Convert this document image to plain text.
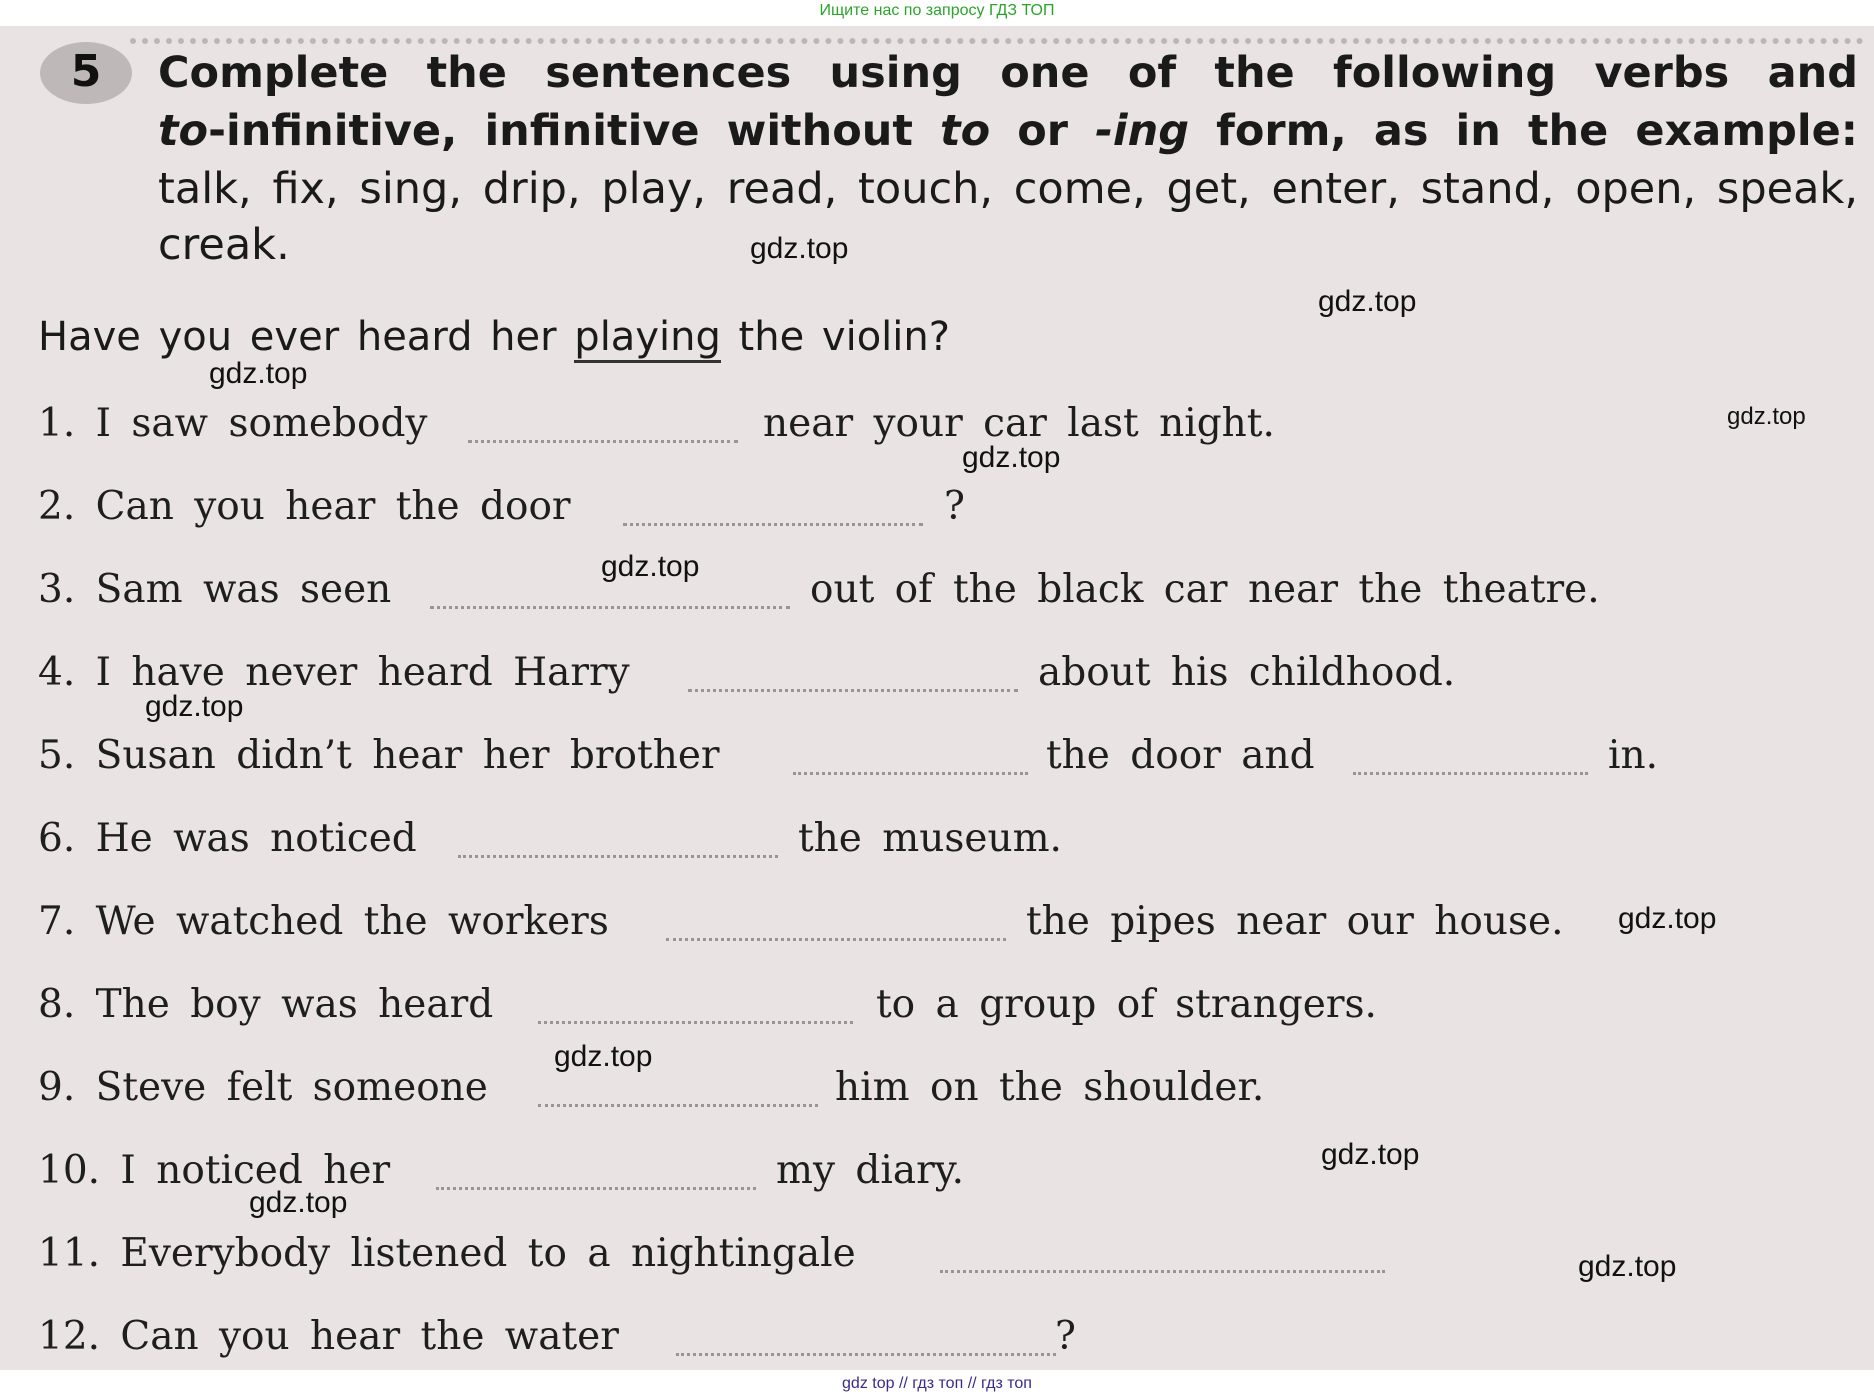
Ищите нас по запросу ГДЗ ТОП
5	Complete the sentences using one of the following verbs and
to-infinitive, infinitive without to or -ing form, as in the example:
talk, fix, sing, drip, play, read, touch, come, get, enter, stand, open, speak,
creak.
Have you ever heard her playing the violin?
1. I saw somebody	near your car last night.
2. Can you hear the door	?
3. Sam was seen	out of the black car near the theatre.
4. I have never heard Harry	about his childhood.
5. Susan didn’t hear her brother	the door and	in.
6. He was noticed	the museum.
7. We watched the workers	the pipes near our house.
8. The boy was heard	to a group of strangers.
9. Steve felt someone	him on the shoulder.
10. I noticed her	my diary.
11. Everybody listened to a nightingale
12. Can you hear the water	?
gdz.top
gdz.top
gdz.top
gdz.top
gdz.top
gdz.top
gdz.top
gdz.top
gdz.top
gdz.top
gdz.top
gdz.top
gdz top // гдз топ // гдз топ
